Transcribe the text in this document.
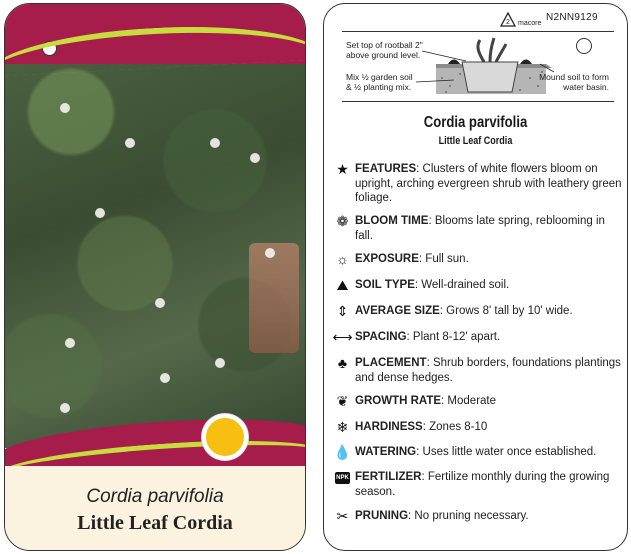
Cordia parvifolia
Little Leaf Cordia
2 macore
N2NN9129
Set top of rootball 2"
above ground level.
Mix ½ garden soil
& ½ planting mix.
Mound soil to form
water basin.
Cordia parvifolia
Little Leaf Cordia
★ FEATURES: Clusters of white flowers bloom on upright, arching evergreen shrub with leathery green foliage.
❁ BLOOM TIME: Blooms late spring, reblooming in fall.
☼ EXPOSURE: Full sun.
⛰ SOIL TYPE: Well-drained soil.
⇕ AVERAGE SIZE: Grows 8' tall by 10' wide.
⟷ SPACING: Plant 8-12' apart.
♣ PLACEMENT: Shrub borders, foundations plantings and dense hedges.
❦ GROWTH RATE: Moderate
❄ HARDINESS: Zones 8-10
💧 WATERING: Uses little water once established.
NPK FERTILIZER: Fertilize monthly during the growing season.
✂ PRUNING: No pruning necessary.
